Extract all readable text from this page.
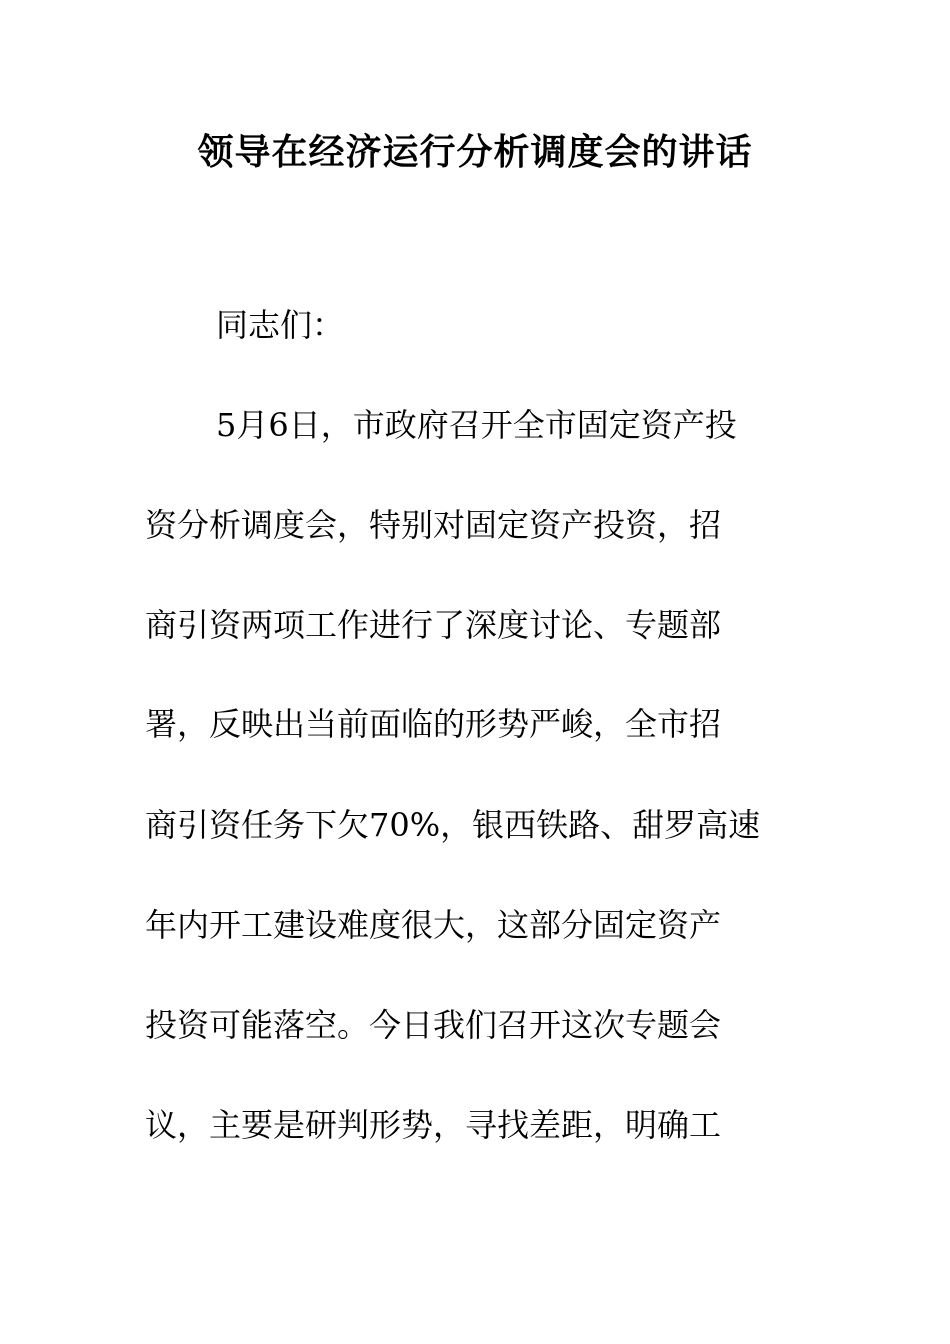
领导在经济运行分析调度会的讲话
同志们：
5月6日，市政府召开全市固定资产投
资分析调度会，特别对固定资产投资，招
商引资两项工作进行了深度讨论、专题部
署，反映出当前面临的形势严峻，全市招
商引资任务下欠70%，银西铁路、甜罗高速
年内开工建设难度很大，这部分固定资产
投资可能落空。今日我们召开这次专题会
议，主要是研判形势，寻找差距，明确工
